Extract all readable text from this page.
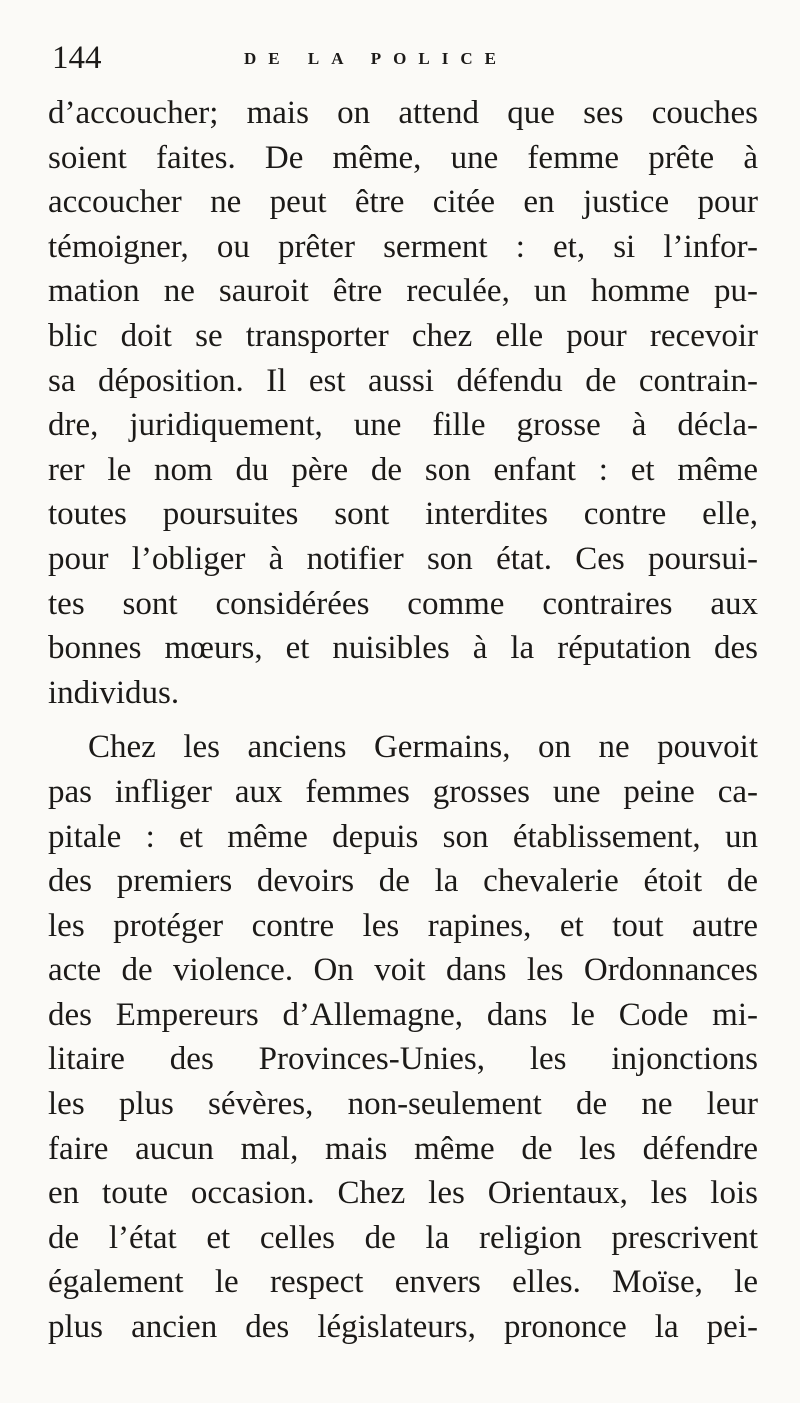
144	DE LA POLICE
d’accoucher; mais on attend que ses couches
soient faites. De même, une femme prête à
accoucher ne peut être citée en justice pour
témoigner, ou prêter serment : et, si l’infor-
mation ne sauroit être reculée, un homme pu-
blic doit se transporter chez elle pour recevoir
sa déposition. Il est aussi défendu de contrain-
dre, juridiquement, une fille grosse à décla-
rer le nom du père de son enfant : et même
toutes poursuites sont interdites contre elle,
pour l’obliger à notifier son état. Ces poursui-
tes sont considérées comme contraires aux
bonnes mœurs, et nuisibles à la réputation des
individus.
Chez les anciens Germains, on ne pouvoit
pas infliger aux femmes grosses une peine ca-
pitale : et même depuis son établissement, un
des premiers devoirs de la chevalerie étoit de
les protéger contre les rapines, et tout autre
acte de violence. On voit dans les Ordonnances
des Empereurs d’Allemagne, dans le Code mi-
litaire des Provinces-Unies, les injonctions
les plus sévères, non-seulement de ne leur
faire aucun mal, mais même de les défendre
en toute occasion. Chez les Orientaux, les lois
de l’état et celles de la religion prescrivent
également le respect envers elles. Moïse, le
plus ancien des législateurs, prononce la pei-
